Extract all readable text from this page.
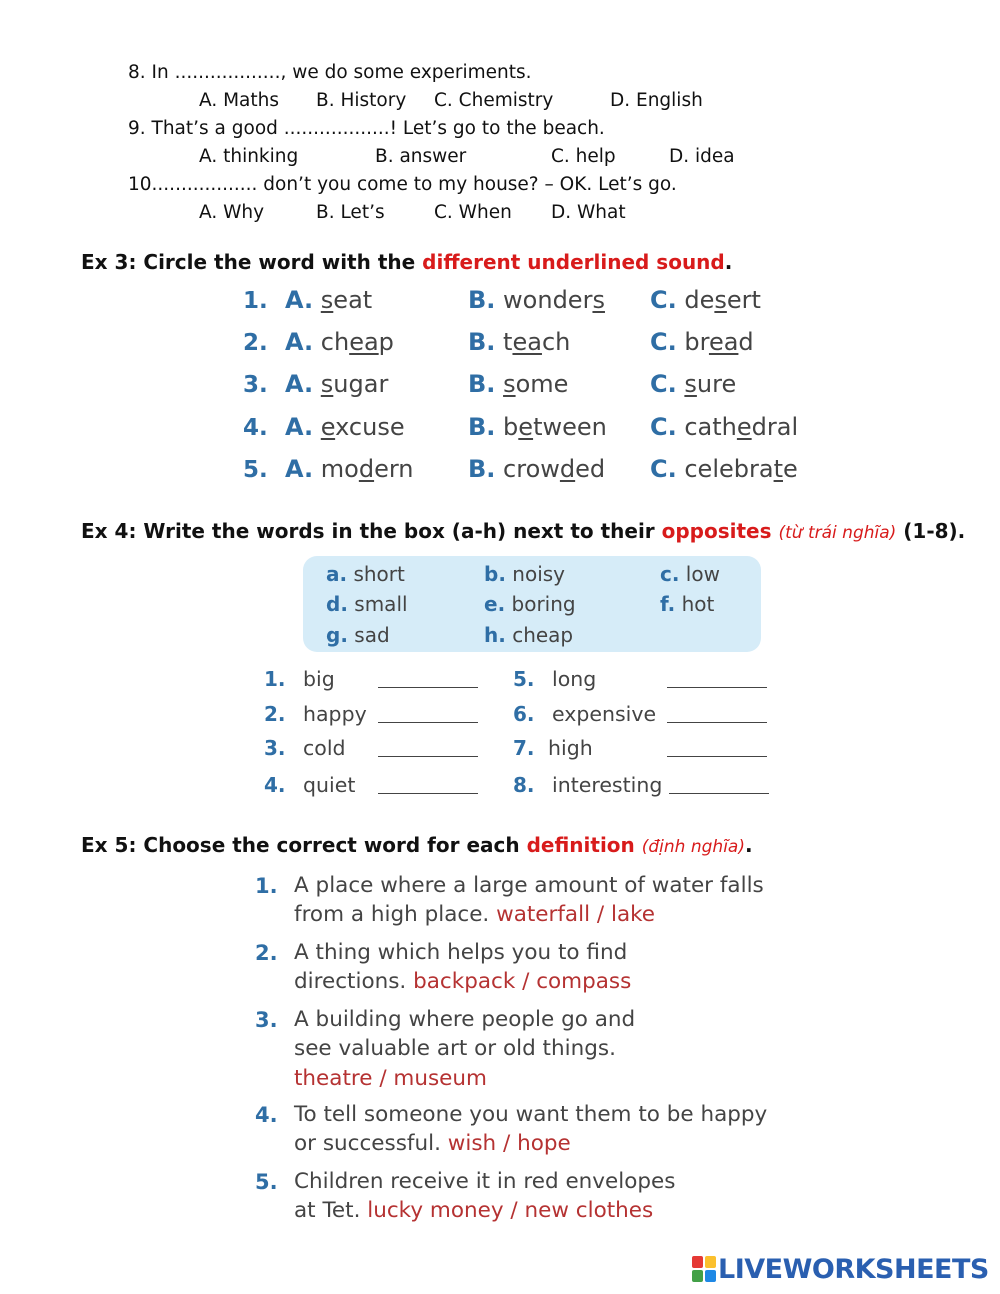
8. In .................., we do some experiments.
A. Maths B. History C. Chemistry	D. English
9. That’s a good ..................! Let’s go to the beach.
A. thinking	B. answer	C. help	D. idea
10.................. don’t you come to my house? – OK. Let’s go.
A. Why	B. Let’s	C. When D. What
Ex 3: Circle the word with the different underlined sound.
1. A. seat	B. wonders C. desert
2. A. cheap	B. teach	C. bread
3. A. sugar	B. some	C. sure
4. A. excuse	B. between C. cathedral
5. A. modern B. crowded C. celebrate
Ex 4: Write the words in the box (a-h) next to their opposites (từ trái nghĩa) (1-8).
a. short	b. noisy	c. low
d. small	e. boring	f. hot
g. sad	h. cheap
1. big
2. happy
3. cold
4. quiet
5. long
6. expensive
7. high
8. interesting
Ex 5: Choose the correct word for each definition (định nghĩa).
1. A place where a large amount of water falls
from a high place. waterfall / lake
2. A thing which helps you to find
directions. backpack / compass
3. A building where people go and
see valuable art or old things.
theatre / museum
4. To tell someone you want them to be happy
or successful. wish / hope
5. Children receive it in red envelopes
at Tet. lucky money / new clothes
LIVEWORKSHEETS
